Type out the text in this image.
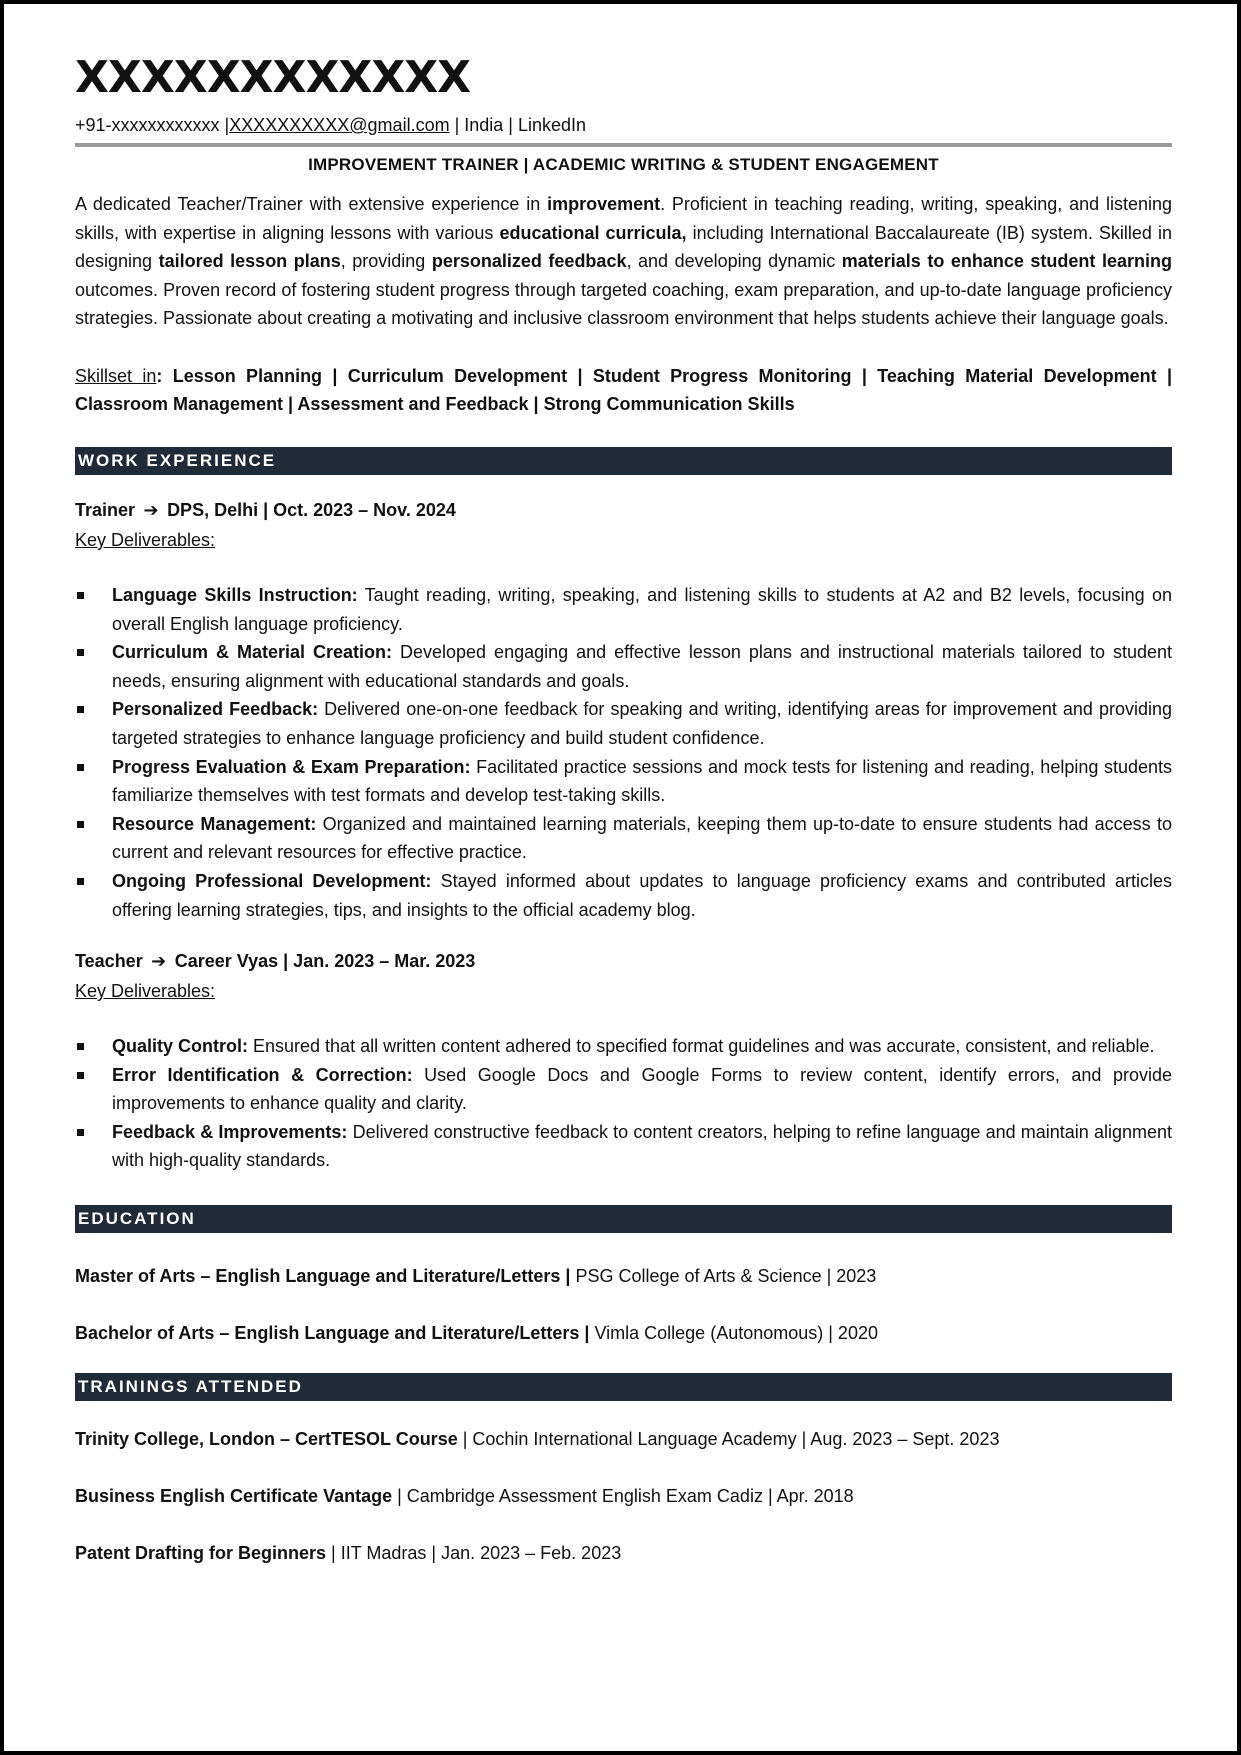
XXXXXXXXXXXX
+91-xxxxxxxxxxxx |XXXXXXXXXX@gmail.com | India | LinkedIn
IMPROVEMENT TRAINER | ACADEMIC WRITING & STUDENT ENGAGEMENT
A dedicated Teacher/Trainer with extensive experience in improvement. Proficient in teaching reading, writing, speaking, and listening skills, with expertise in aligning lessons with various educational curricula, including International Baccalaureate (IB) system. Skilled in designing tailored lesson plans, providing personalized feedback, and developing dynamic materials to enhance student learning outcomes. Proven record of fostering student progress through targeted coaching, exam preparation, and up-to-date language proficiency strategies. Passionate about creating a motivating and inclusive classroom environment that helps students achieve their language goals.
Skillset in: Lesson Planning | Curriculum Development | Student Progress Monitoring | Teaching Material Development | Classroom Management | Assessment and Feedback | Strong Communication Skills
WORK EXPERIENCE
Trainer ➔ DPS, Delhi | Oct. 2023 – Nov. 2024
Key Deliverables:
Language Skills Instruction: Taught reading, writing, speaking, and listening skills to students at A2 and B2 levels, focusing on overall English language proficiency.
Curriculum & Material Creation: Developed engaging and effective lesson plans and instructional materials tailored to student needs, ensuring alignment with educational standards and goals.
Personalized Feedback: Delivered one-on-one feedback for speaking and writing, identifying areas for improvement and providing targeted strategies to enhance language proficiency and build student confidence.
Progress Evaluation & Exam Preparation: Facilitated practice sessions and mock tests for listening and reading, helping students familiarize themselves with test formats and develop test-taking skills.
Resource Management: Organized and maintained learning materials, keeping them up-to-date to ensure students had access to current and relevant resources for effective practice.
Ongoing Professional Development: Stayed informed about updates to language proficiency exams and contributed articles offering learning strategies, tips, and insights to the official academy blog.
Teacher ➔ Career Vyas | Jan. 2023 – Mar. 2023
Key Deliverables:
Quality Control: Ensured that all written content adhered to specified format guidelines and was accurate, consistent, and reliable.
Error Identification & Correction: Used Google Docs and Google Forms to review content, identify errors, and provide improvements to enhance quality and clarity.
Feedback & Improvements: Delivered constructive feedback to content creators, helping to refine language and maintain alignment with high-quality standards.
EDUCATION
Master of Arts – English Language and Literature/Letters | PSG College of Arts & Science | 2023
Bachelor of Arts – English Language and Literature/Letters | Vimla College (Autonomous) | 2020
TRAININGS ATTENDED
Trinity College, London – CertTESOL Course | Cochin International Language Academy | Aug. 2023 – Sept. 2023
Business English Certificate Vantage | Cambridge Assessment English Exam Cadiz | Apr. 2018
Patent Drafting for Beginners | IIT Madras | Jan. 2023 – Feb. 2023
